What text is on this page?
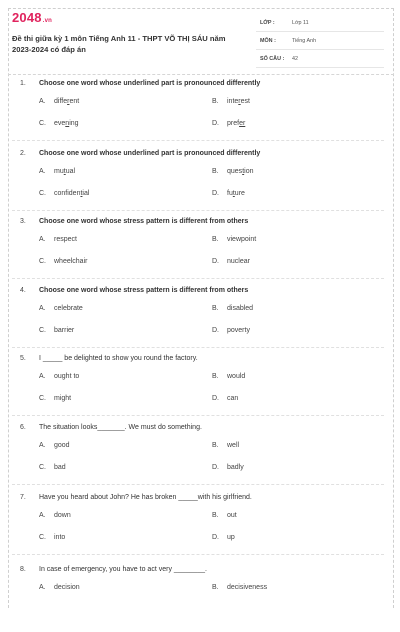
2048.vn
Đề thi giữa kỳ 1 môn Tiếng Anh 11 - THPT VÕ THỊ SÁU năm 2023-2024 có đáp án
LỚP :	Lớp 11
MÔN :	Tiếng Anh
SỐ CÂU : 42
1. Choose one word whose underlined part is pronounced differently
A. different	B. interest
C. evening	D. prefer
2. Choose one word whose underlined part is pronounced differently
A. mutual	B. question
C. confidential	D. future
3. Choose one word whose stress pattern is different from others
A. respect	B. viewpoint
C. wheelchair	D. nuclear
4. Choose one word whose stress pattern is different from others
A. celebrate	B. disabled
C. barrier	D. poverty
5. I _____ be delighted to show you round the factory.
A. ought to	B. would
C. might	D. can
6. The situation looks_______. We must do something.
A. good	B. well
C. bad	D. badly
7. Have you heard about John? He has broken _____with his girlfriend.
A. down	B. out
C. into	D. up
8. In case of emergency, you have to act very ________.
A. decision	B. decisiveness
